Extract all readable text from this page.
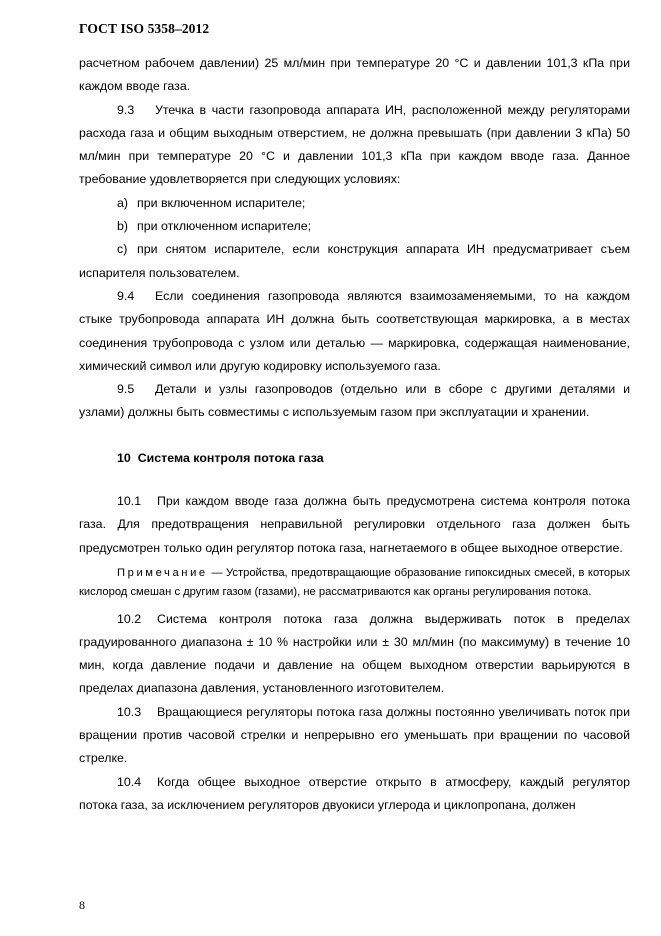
ГОСТ ISO 5358–2012

расчетном рабочем давлении) 25 мл/мин при температуре 20 °С и давлении 101,3 кПа при каждом вводе газа.

9.3 Утечка в части газопровода аппарата ИН, расположенной между регуляторами расхода газа и общим выходным отверстием, не должна превышать (при давлении 3 кПа) 50 мл/мин при температуре 20 °С и давлении 101,3 кПа при каждом вводе газа. Данное требование удовлетворяется при следующих условиях:

а) при включенном испарителе;

b) при отключенном испарителе;

c) при снятом испарителе, если конструкция аппарата ИН предусматривает съем испарителя пользователем.

9.4 Если соединения газопровода являются взаимозаменяемыми, то на каждом стыке трубопровода аппарата ИН должна быть соответствующая маркировка, а в местах соединения трубопровода с узлом или деталью — маркировка, содержащая наименование, химический символ или другую кодировку используемого газа.

9.5 Детали и узлы газопроводов (отдельно или в сборе с другими деталями и узлами) должны быть совместимы с используемым газом при эксплуатации и хранении.

10 Система контроля потока газа

10.1 При каждом вводе газа должна быть предусмотрена система контроля потока газа. Для предотвращения неправильной регулировки отдельного газа должен быть предусмотрен только один регулятор потока газа, нагнетаемого в общее выходное отверстие.

Примечание — Устройства, предотвращающие образование гипоксидных смесей, в которых кислород смешан с другим газом (газами), не рассматриваются как органы регулирования потока.

10.2 Система контроля потока газа должна выдерживать поток в пределах градуированного диапазона ± 10 % настройки или ± 30 мл/мин (по максимуму) в течение 10 мин, когда давление подачи и давление на общем выходном отверстии варьируются в пределах диапазона давления, установленного изготовителем.

10.3 Вращающиеся регуляторы потока газа должны постоянно увеличивать поток при вращении против часовой стрелки и непрерывно его уменьшать при вращении по часовой стрелке.

10.4 Когда общее выходное отверстие открыто в атмосферу, каждый регулятор потока газа, за исключением регуляторов двуокиси углерода и циклопропана, должен

8
